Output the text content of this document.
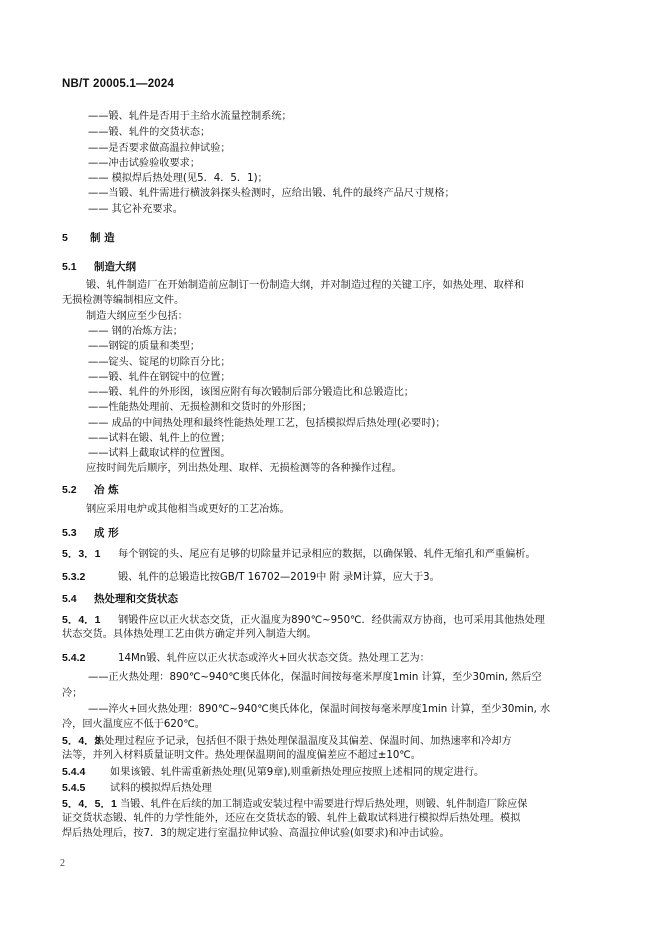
NB/T 20005.1—2024
——锻、轧件是否用于主给水流量控制系统；
——锻、轧件的交货状态；
——是否要求做高温拉伸试验；
——冲击试验验收要求；
—— 模拟焊后热处理(见5．4．5．1)；
——当锻、轧件需进行横波斜探头检测时，应给出锻、轧件的最终产品尺寸规格；
—— 其它补充要求。
5 制 造
5.1 制造大纲
锻、轧件制造厂在开始制造前应制订一份制造大纲，并对制造过程的关键工序，如热处理、取样和
无损检测等编制相应文件。
制造大纲应至少包括：
—— 钢的冶炼方法；
——钢锭的质量和类型；
——锭头、锭尾的切除百分比；
——锻、轧件在钢锭中的位置；
——锻、轧件的外形图，该图应附有每次锻制后部分锻造比和总锻造比；
——性能热处理前、无损检测和交货时的外形图；
—— 成品的中间热处理和最终性能热处理工艺，包括模拟焊后热处理(必要时)；
——试料在锻、轧件上的位置；
——试料上截取试样的位置图。
应按时间先后顺序，列出热处理、取样、无损检测等的各种操作过程。
5.2 冶 炼
钢应采用电炉或其他相当或更好的工艺冶炼。
5.3 成 形
5．3．1 每个钢锭的头、尾应有足够的切除量并记录相应的数据，以确保锻、轧件无缩孔和严重偏析。
5.3.2	锻、轧件的总锻造比按GB/T 16702—2019中 附 录M计算，应大于3。
5.4 热处理和交货状态
5．4．1 钢锻件应以正火状态交货，正火温度为890℃~950℃．经供需双方协商，也可采用其他热处理
状态交货。具体热处理工艺由供方确定并列入制造大纲。
5.4.2	14Mn锻、轧件应以正火状态或淬火+回火状态交货。热处理工艺为：
——正火热处理：890℃~940℃奥氏体化，保温时间按每毫米厚度1min 计算，至少30min, 然后空
冷；
——淬火+回火热处理：890℃~940℃奥氏体化，保温时间按每毫米厚度1min 计算，至少30min, 水
冷，回火温度应不低于620℃。
5．4．3热处理过程应予记录，包括但不限于热处理保温温度及其偏差、保温时间、加热速率和冷却方
法等，并列入材料质量证明文件。热处理保温期间的温度偏差应不超过±10℃。
5.4.4 如果该锻、轧件需重新热处理(见第9章),则重新热处理应按照上述相同的规定进行。
5.4.5 试料的模拟焊后热处理
5．4．5．1 当锻、轧件在后续的加工制造或安装过程中需要进行焊后热处理，则锻、轧件制造厂除应保
证交货状态锻、轧件的力学性能外，还应在交货状态的锻、轧件上截取试料进行模拟焊后热处理。模拟
焊后热处理后，按7．3的规定进行室温拉伸试验、高温拉伸试验(如要求)和冲击试验。
2
